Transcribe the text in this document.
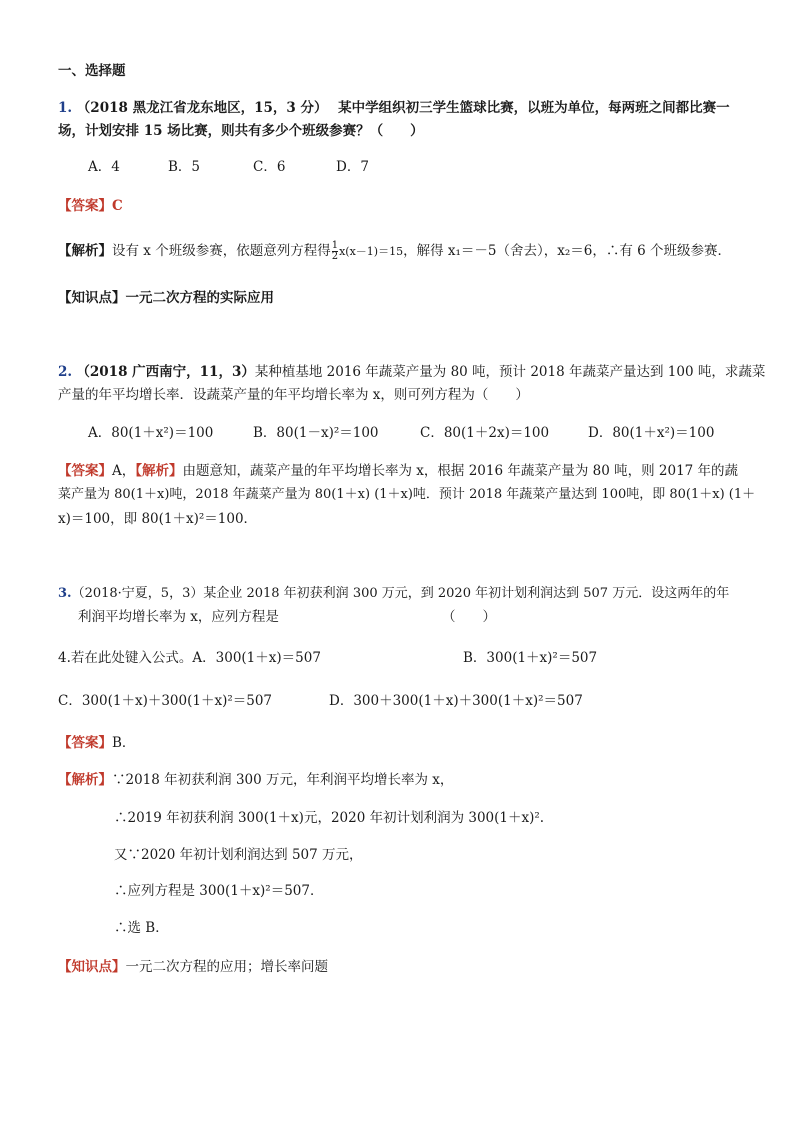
一、选择题
1. （2018 黑龙江省龙东地区，15，3 分） 某中学组织初三学生篮球比赛，以班为单位，每两班之间都比赛一
场，计划安排 15 场比赛，则共有多少个班级参赛？（　　）
A．4	B．5	C．6	D．7
【答案】C
【解析】设有 x 个班级参赛，依题意列方程得 $\frac{1}{2} x(x-1)=15$，解得 x₁＝－5（舍去），x₂＝6，∴有 6 个班级参赛．
【知识点】一元二次方程的实际应用
2. （2018 广西南宁，11，3）某种植基地 2016 年蔬菜产量为 80 吨，预计 2018 年蔬菜产量达到 100 吨，求蔬菜
产量的年平均增长率．设蔬菜产量的年平均增长率为 x，则可列方程为（　　）
A．80(1＋x²)＝100	B．80(1－x)²＝100	C．80(1＋2x)＝100	D．80(1＋x²)＝100
【答案】A，【解析】由题意知，蔬菜产量的年平均增长率为 x，根据 2016 年蔬菜产量为 80 吨，则 2017 年的蔬
菜产量为 80(1＋x)吨，2018 年蔬菜产量为 80(1＋x) (1＋x)吨．预计 2018 年蔬菜产量达到 100吨，即 80(1＋x) (1＋
x)＝100，即 80(1＋x)²＝100．
3.（2018·宁夏，5，3）某企业 2018 年初获利润 300 万元，到 2020 年初计划利润达到 507 万元．设这两年的年
利润平均增长率为 x，应列方程是	（　　）
4.若在此处键入公式。A．300(1＋x)＝507	B．300(1＋x)²＝507
C．300(1＋x)＋300(1＋x)²＝507	D．300＋300(1＋x)＋300(1＋x)²＝507
【答案】B．
【解析】∵2018 年初获利润 300 万元，年利润平均增长率为 x，
∴2019 年初获利润 300(1＋x)元，2020 年初计划利润为 300(1＋x)².
又∵2020 年初计划利润达到 507 万元，
∴应列方程是 300(1＋x)²＝507．
∴选 B．
【知识点】一元二次方程的应用；增长率问题
